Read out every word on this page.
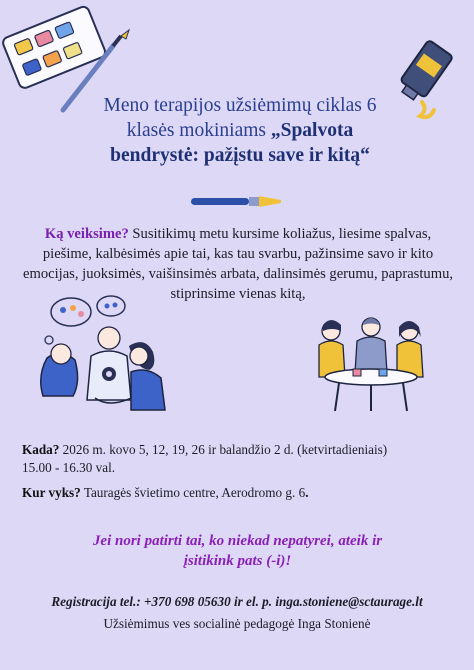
Meno terapijos užsiėmimų ciklas 6
klasės mokiniams „Spalvota
bendrystė: pažįstu save ir kitą“
Ką veiksime? Susitikimų metu kursime koliažus, liesime spalvas, piešime, kalbėsimės apie tai, kas tau svarbu, pažinsime savo ir kito emocijas, juoksimės, vaišinsimės arbata, dalinsimės gerumu, paprastumu, stiprinsime vienas kitą,
Kada? 2026 m. kovo 5, 12, 19, 26 ir balandžio 2 d. (ketvirtadieniais)
15.00 - 16.30 val.
Kur vyks? Tauragės švietimo centre, Aerodromo g. 6.
Jei nori patirti tai, ko niekad nepatyrei, ateik ir
įsitikink pats (-i)!
Registracija tel.: +370 698 05630 ir el. p. inga.stoniene@sctaurage.lt
Užsiėmimus ves socialinė pedagogė Inga Stonienė
